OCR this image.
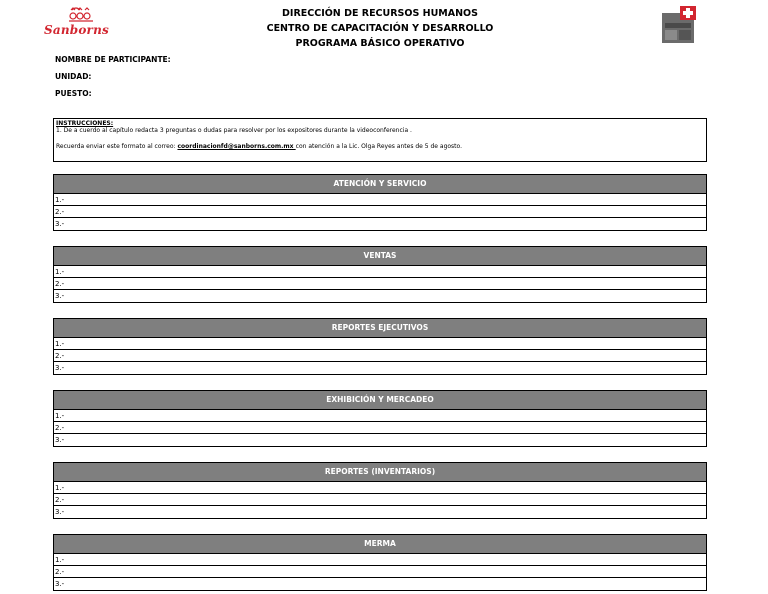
Sanborns
DIRECCIÓN DE RECURSOS HUMANOS
CENTRO DE CAPACITACIÓN Y DESARROLLO
PROGRAMA BÁSICO OPERATIVO
NOMBRE DE PARTICIPANTE:
UNIDAD:
PUESTO:
INSTRUCCIONES:
1. De a cuerdo al capítulo redacta 3 preguntas o dudas para resolver por los expositores durante la videoconferencia .
Recuerda enviar este formato al correo: coordinacionfd@sanborns.com.mx con atención a la Lic. Olga Reyes antes de 5 de agosto.
ATENCIÓN Y SERVICIO
1.-
2.-
3.-
VENTAS
1.-
2.-
3.-
REPORTES EJECUTIVOS
1.-
2.-
3.-
EXHIBICIÓN Y MERCADEO
1.-
2.-
3.-
REPORTES (INVENTARIOS)
1.-
2.-
3.-
MERMA
1.-
2.-
3.-
